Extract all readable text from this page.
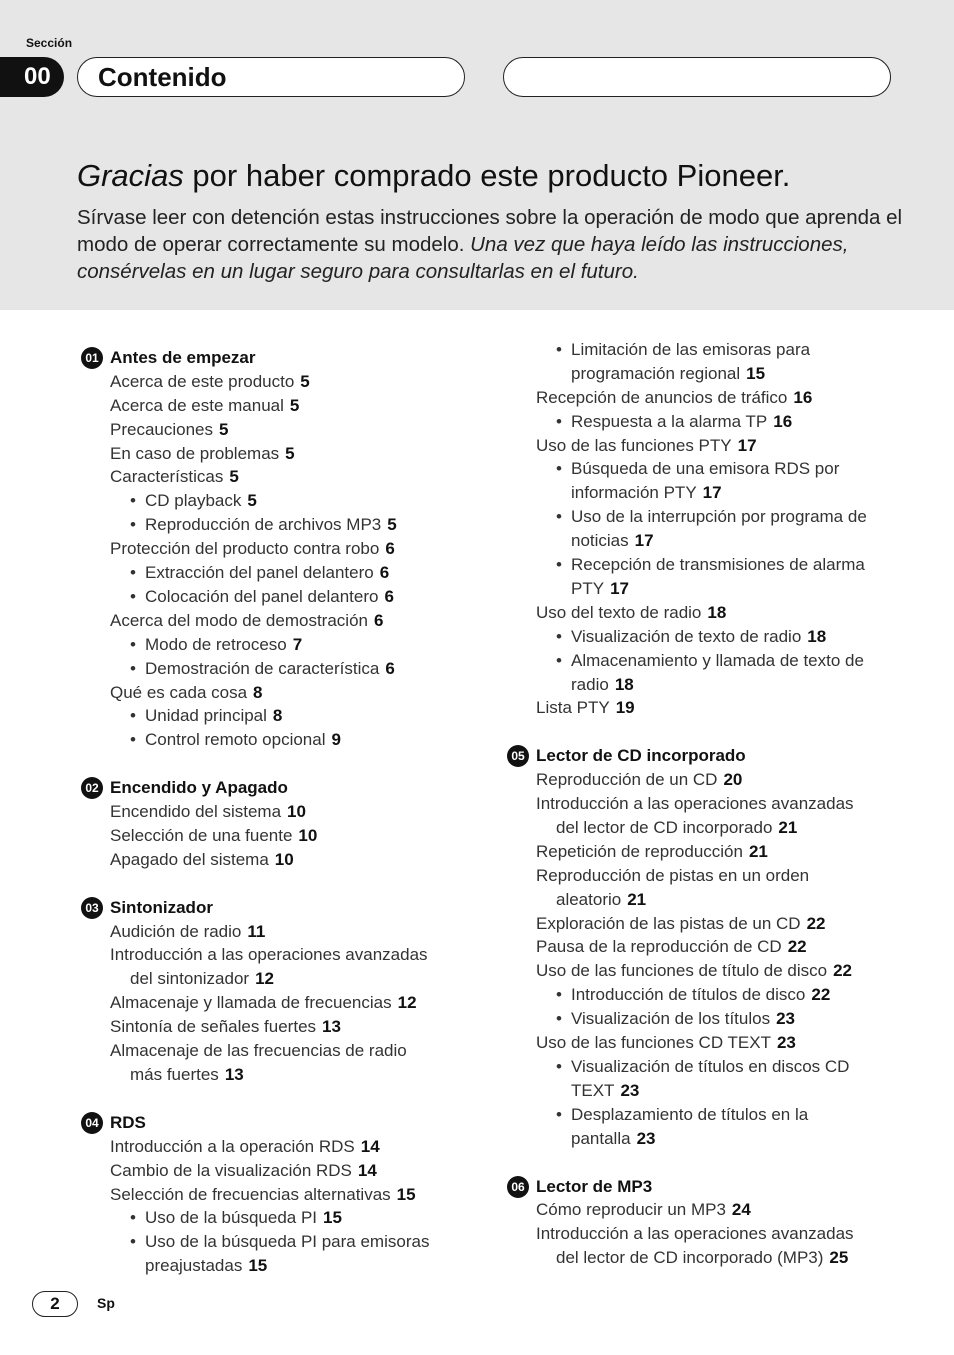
Sección
00	Contenido
Gracias por haber comprado este producto Pioneer.
Sírvase leer con detención estas instrucciones sobre la operación de modo que aprenda el modo de operar correctamente su modelo. Una vez que haya leído las instrucciones, consérvelas en un lugar seguro para consultarlas en el futuro.
Antes de empezar
01
Acerca de este producto 5
Acerca de este manual 5
Precauciones 5
En caso de problemas 5
Características 5
• CD playback 5
• Reproducción de archivos MP3 5
Protección del producto contra robo 6
• Extracción del panel delantero 6
• Colocación del panel delantero 6
Acerca del modo de demostración 6
• Modo de retroceso 7
• Demostración de característica 6
Qué es cada cosa 8
• Unidad principal 8
• Control remoto opcional 9
Encendido y Apagado
02
Encendido del sistema 10
Selección de una fuente 10
Apagado del sistema 10
Sintonizador
03
Audición de radio 11
Introducción a las operaciones avanzadas
del sintonizador 12
Almacenaje y llamada de frecuencias 12
Sintonía de señales fuertes 13
Almacenaje de las frecuencias de radio
más fuertes 13
RDS
04
Introducción a la operación RDS 14
Cambio de la visualización RDS 14
Selección de frecuencias alternativas 15
• Uso de la búsqueda PI 15
• Uso de la búsqueda PI para emisoras
preajustadas 15
• Limitación de las emisoras para
programación regional 15
Recepción de anuncios de tráfico 16
• Respuesta a la alarma TP 16
Uso de las funciones PTY 17
• Búsqueda de una emisora RDS por
información PTY 17
• Uso de la interrupción por programa de
noticias 17
• Recepción de transmisiones de alarma
PTY 17
Uso del texto de radio 18
• Visualización de texto de radio 18
• Almacenamiento y llamada de texto de
radio 18
Lista PTY 19
Lector de CD incorporado
05
Reproducción de un CD 20
Introducción a las operaciones avanzadas
del lector de CD incorporado 21
Repetición de reproducción 21
Reproducción de pistas en un orden
aleatorio 21
Exploración de las pistas de un CD 22
Pausa de la reproducción de CD 22
Uso de las funciones de título de disco 22
• Introducción de títulos de disco 22
• Visualización de los títulos 23
Uso de las funciones CD TEXT 23
• Visualización de títulos en discos CD
TEXT 23
• Desplazamiento de títulos en la
pantalla 23
Lector de MP3
06
Cómo reproducir un MP3 24
Introducción a las operaciones avanzadas
del lector de CD incorporado (MP3) 25
2	Sp
